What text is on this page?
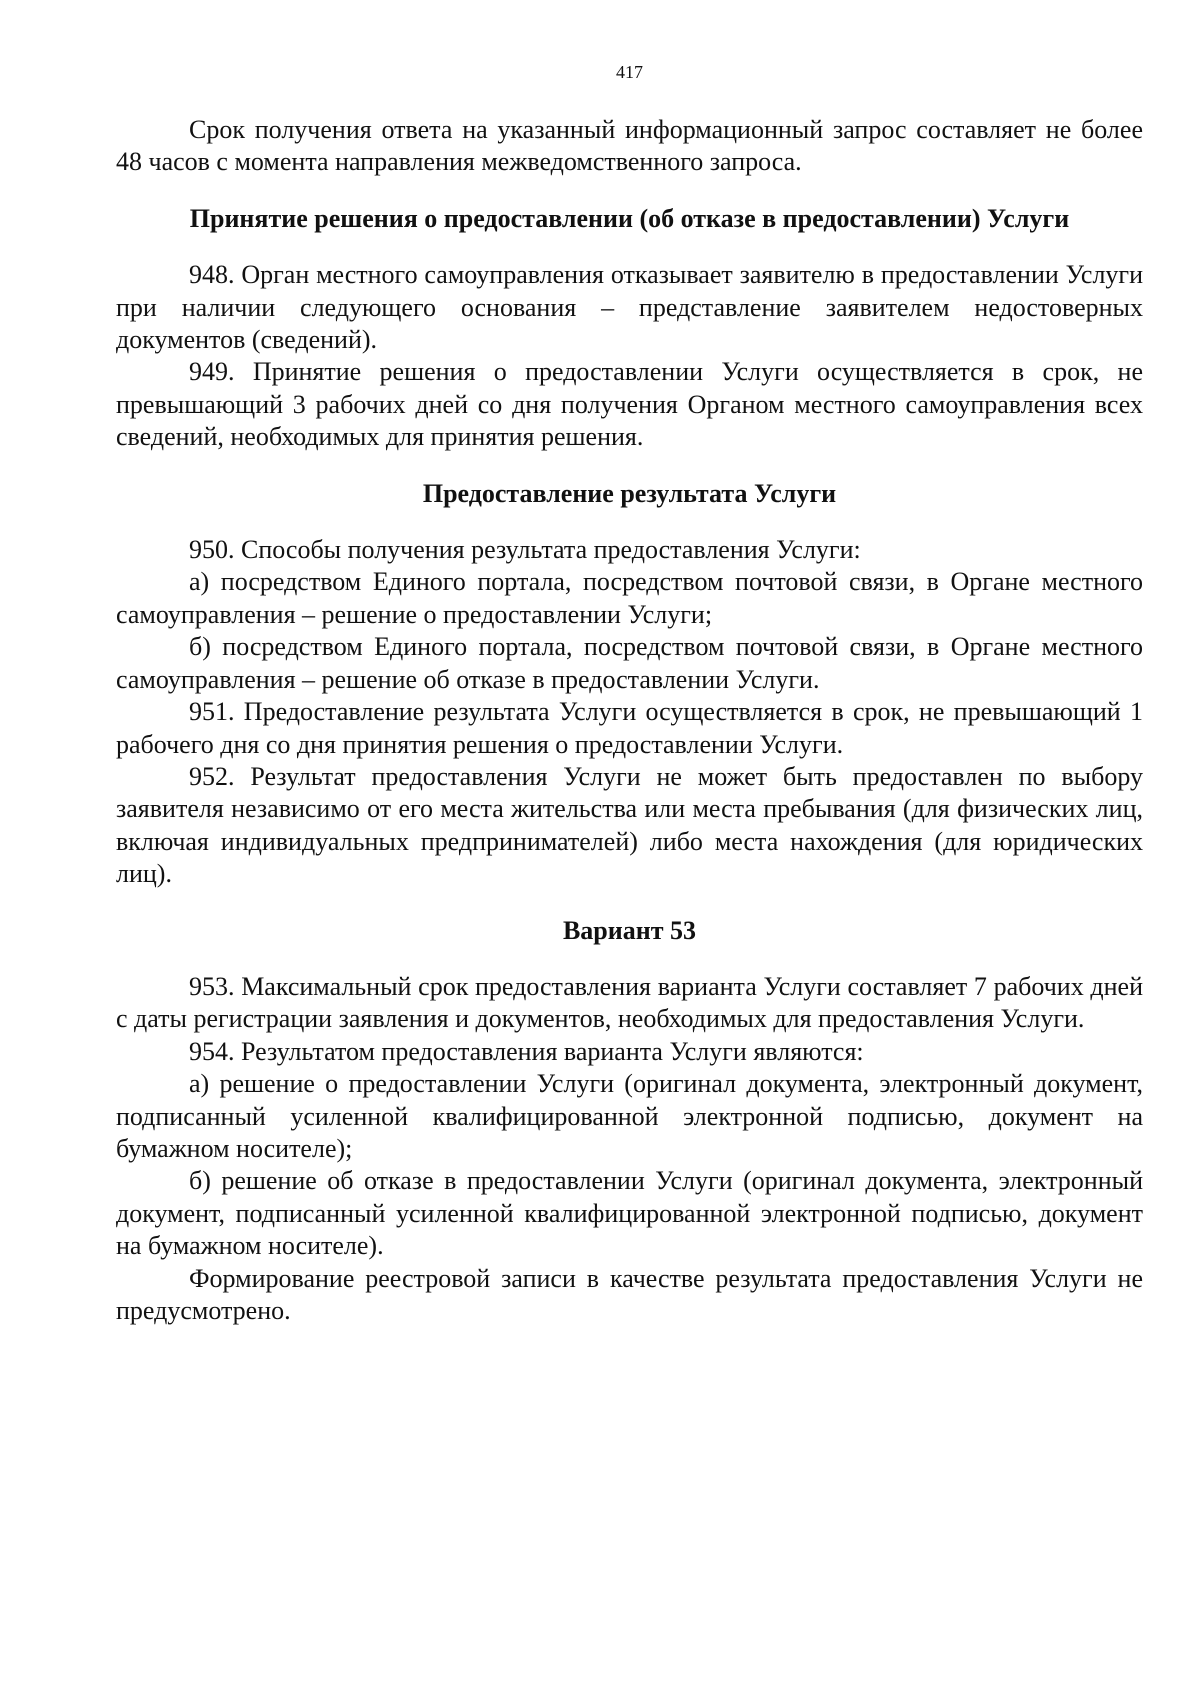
417

Срок получения ответа на указанный информационный запрос составляет не более 48 часов с момента направления межведомственного запроса.

Принятие решения о предоставлении (об отказе в предоставлении) Услуги

948. Орган местного самоуправления отказывает заявителю в предоставлении Услуги при наличии следующего основания – представление заявителем недостоверных документов (сведений).

949. Принятие решения о предоставлении Услуги осуществляется в срок, не превышающий 3 рабочих дней со дня получения Органом местного самоуправления всех сведений, необходимых для принятия решения.

Предоставление результата Услуги

950. Способы получения результата предоставления Услуги:

а) посредством Единого портала, посредством почтовой связи, в Органе местного самоуправления – решение о предоставлении Услуги;

б) посредством Единого портала, посредством почтовой связи, в Органе местного самоуправления – решение об отказе в предоставлении Услуги.

951. Предоставление результата Услуги осуществляется в срок, не превышающий 1 рабочего дня со дня принятия решения о предоставлении Услуги.

952. Результат предоставления Услуги не может быть предоставлен по выбору заявителя независимо от его места жительства или места пребывания (для физических лиц, включая индивидуальных предпринимателей) либо места нахождения (для юридических лиц).

Вариант 53

953. Максимальный срок предоставления варианта Услуги составляет 7 рабочих дней с даты регистрации заявления и документов, необходимых для предоставления Услуги.

954. Результатом предоставления варианта Услуги являются:

а) решение о предоставлении Услуги (оригинал документа, электронный документ, подписанный усиленной квалифицированной электронной подписью, документ на бумажном носителе);

б) решение об отказе в предоставлении Услуги (оригинал документа, электронный документ, подписанный усиленной квалифицированной электронной подписью, документ на бумажном носителе).

Формирование реестровой записи в качестве результата предоставления Услуги не предусмотрено.
